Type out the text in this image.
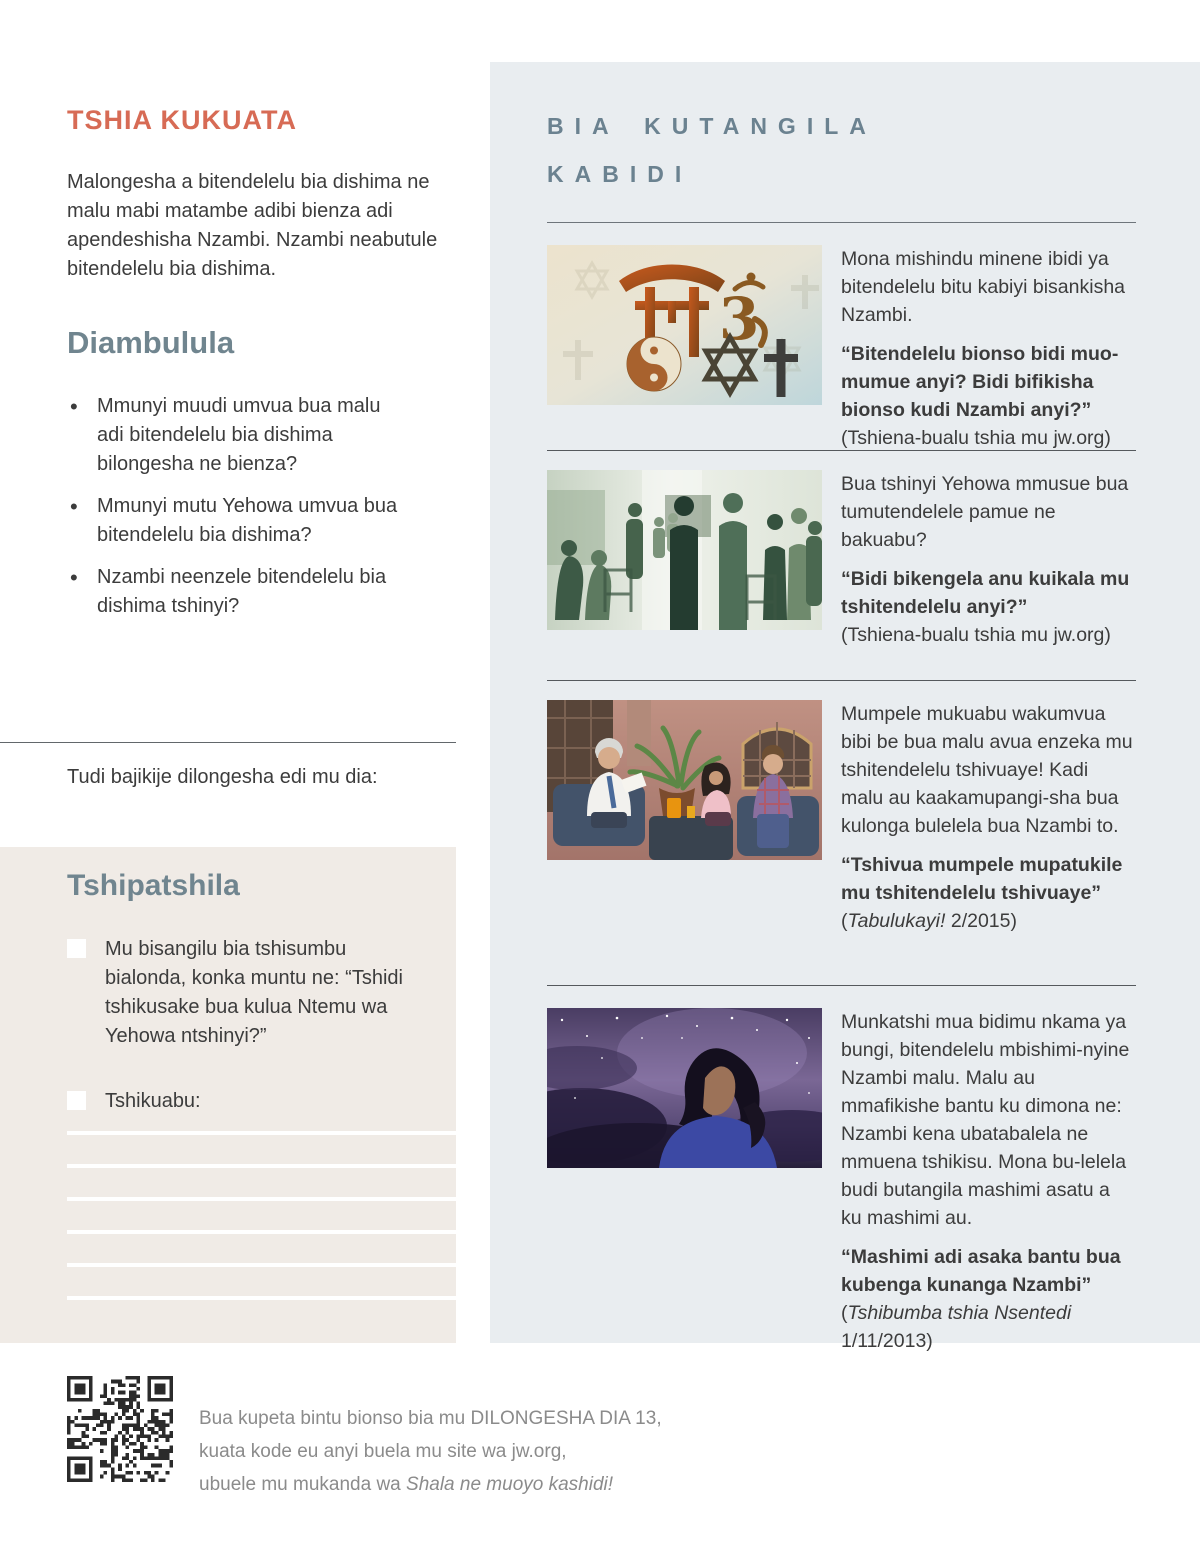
TSHIA KUKUATA
Malongesha a bitendelelu bia dishima ne malu mabi matambe adibi bienza adi apendeshisha Nzambi. Nzambi neabutule bitendelelu bia dishima.
Diambulula
• Mmunyi muudi umvua bua malu adi bitendelelu bia dishima bilongesha ne bienza?
• Mmunyi mutu Yehowa umvua bua bitendelelu bia dishima?
• Nzambi neenzele bitendelelu bia dishima tshinyi?
Tudi bajikije dilongesha edi mu dia:
Tshipatshila
Mu bisangilu bia tshisumbu bialonda, konka muntu ne: “Tshidi tshikusake bua kulua Ntemu wa Yehowa ntshinyi?”
Tshikuabu:
BIA KUTANGILA KABIDI
3
Mona mishindu minene ibidi ya bitendelelu bitu kabiyi bisankisha Nzambi.
“Bitendelelu bionso bidi muo-mumue anyi? Bidi bifikisha bionso kudi Nzambi anyi?”
(Tshiena-bualu tshia mu jw.org)
Bua tshinyi Yehowa mmusue bua tumutendelele pamue ne bakuabu?
“Bidi bikengela anu kuikala mu tshitendelelu anyi?”
(Tshiena-bualu tshia mu jw.org)
Mumpele mukuabu wakumvua bibi be bua malu avua enzeka mu tshitendelelu tshivuaye! Kadi malu au kaakamupangi-sha bua kulonga bulelela bua Nzambi to.
“Tshivua mumpele mupatukile mu tshitendelelu tshivuaye”
(Tabulukayi! 2/2015)
Munkatshi mua bidimu nkama ya bungi, bitendelelu mbishimi-nyine Nzambi malu. Malu au mmafikishe bantu ku dimona ne: Nzambi kena ubatabalela ne mmuena tshikisu. Mona bu-lelela budi butangila mashimi asatu a ku mashimi au.
“Mashimi adi asaka bantu bua kubenga kunanga Nzambi”
(Tshibumba tshia Nsentedi 1/11/2013)
Bua kupeta bintu bionso bia mu DILONGESHA DIA 13,
kuata kode eu anyi buela mu site wa jw.org,
ubuele mu mukanda wa Shala ne muoyo kashidi!
